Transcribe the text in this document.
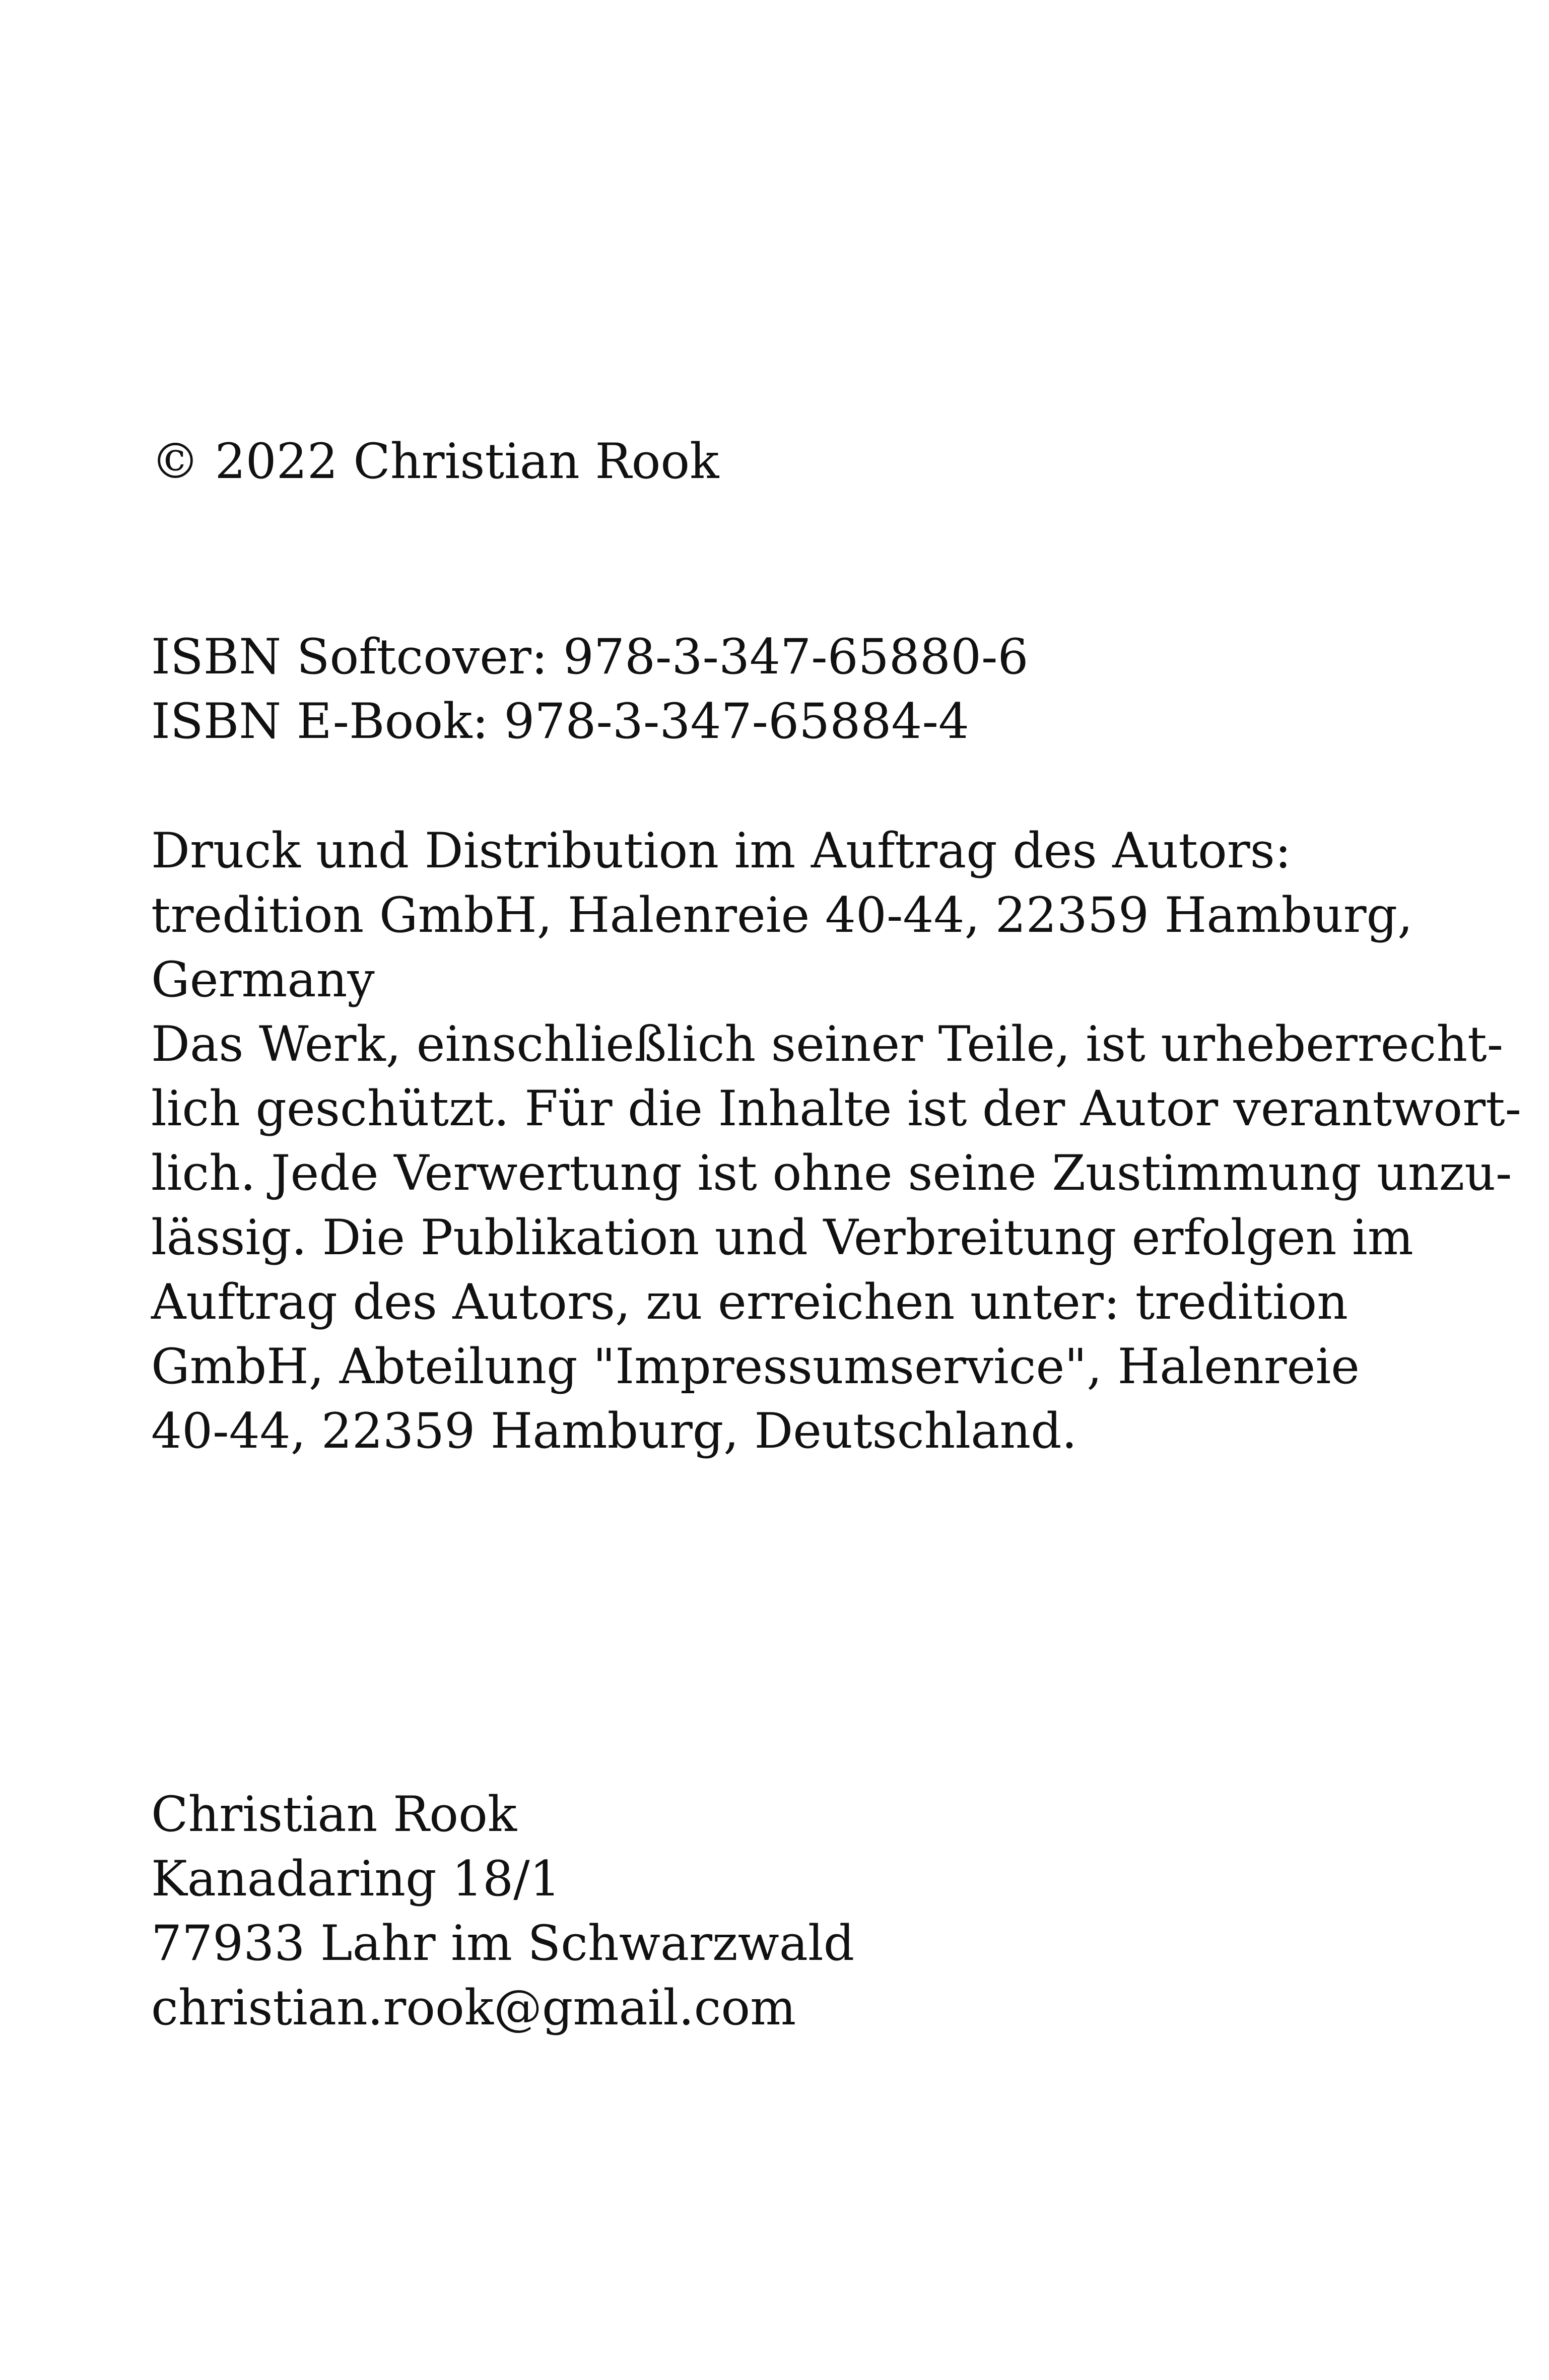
© 2022 Christian Rook
ISBN Softcover: 978-3-347-65880-6
ISBN E-Book: 978-3-347-65884-4
Druck und Distribution im Auftrag des Autors:
tredition GmbH, Halenreie 40-44, 22359 Hamburg,
Germany
Das Werk, einschließlich seiner Teile, ist urheberrecht-
lich geschützt. Für die Inhalte ist der Autor verantwort-
lich. Jede Verwertung ist ohne seine Zustimmung unzu-
lässig. Die Publikation und Verbreitung erfolgen im
Auftrag des Autors, zu erreichen unter: tredition
GmbH, Abteilung "Impressumservice", Halenreie
40-44, 22359 Hamburg, Deutschland.
Christian Rook
Kanadaring 18/1
77933 Lahr im Schwarzwald
christian.rook@gmail.com
